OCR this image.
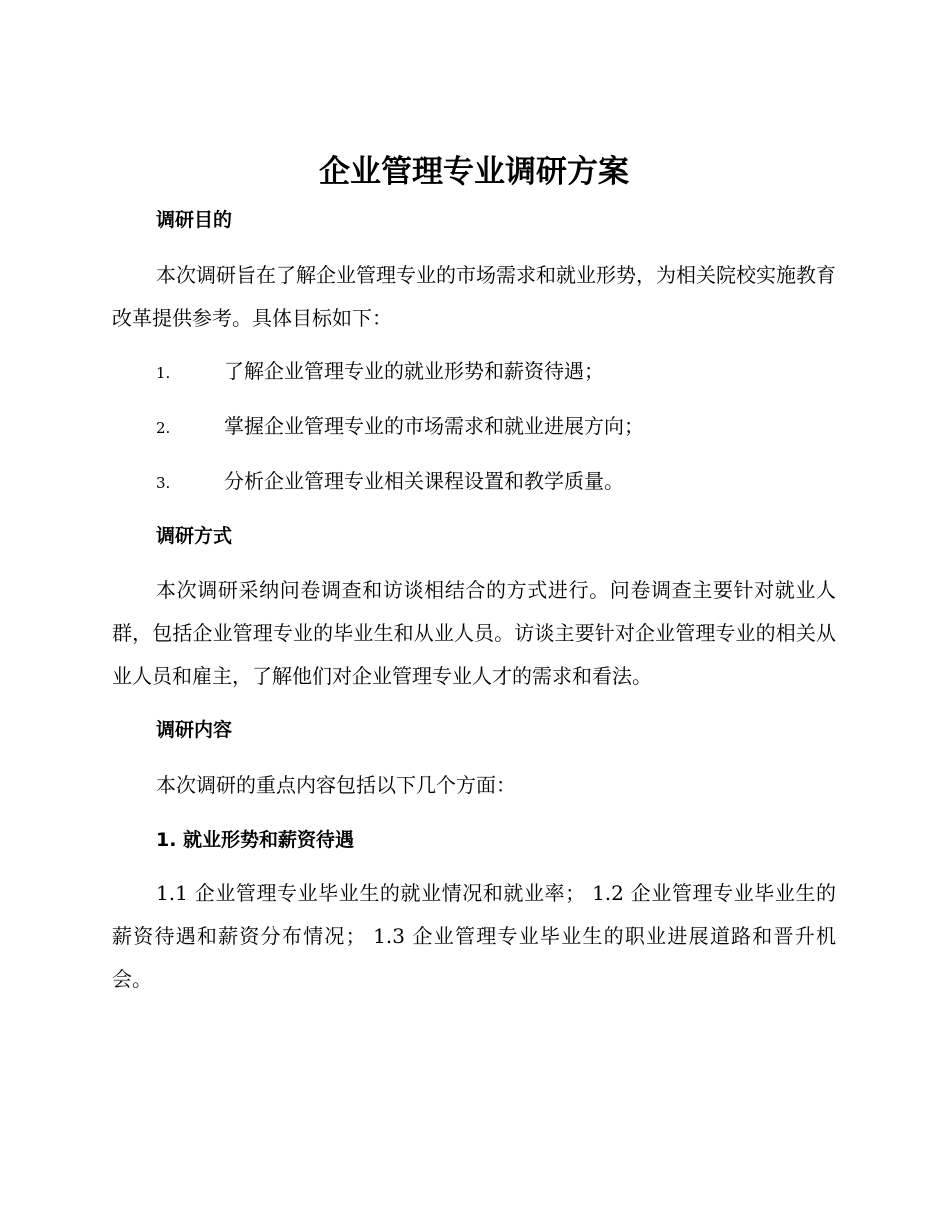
企业管理专业调研方案
调研目的

本次调研旨在了解企业管理专业的市场需求和就业形势，为相关院校实施教育改革提供参考。具体目标如下：

1.	了解企业管理专业的就业形势和薪资待遇；
2.	掌握企业管理专业的市场需求和就业进展方向；
3.	分析企业管理专业相关课程设置和教学质量。
调研方式

本次调研采纳问卷调查和访谈相结合的方式进行。问卷调查主要针对就业人群，包括企业管理专业的毕业生和从业人员。访谈主要针对企业管理专业的相关从业人员和雇主，了解他们对企业管理专业人才的需求和看法。

调研内容

本次调研的重点内容包括以下几个方面：

1. 就业形势和薪资待遇

1.1 企业管理专业毕业生的就业情况和就业率； 1.2 企业管理专业毕业生的薪资待遇和薪资分布情况； 1.3 企业管理专业毕业生的职业进展道路和晋升机会。
